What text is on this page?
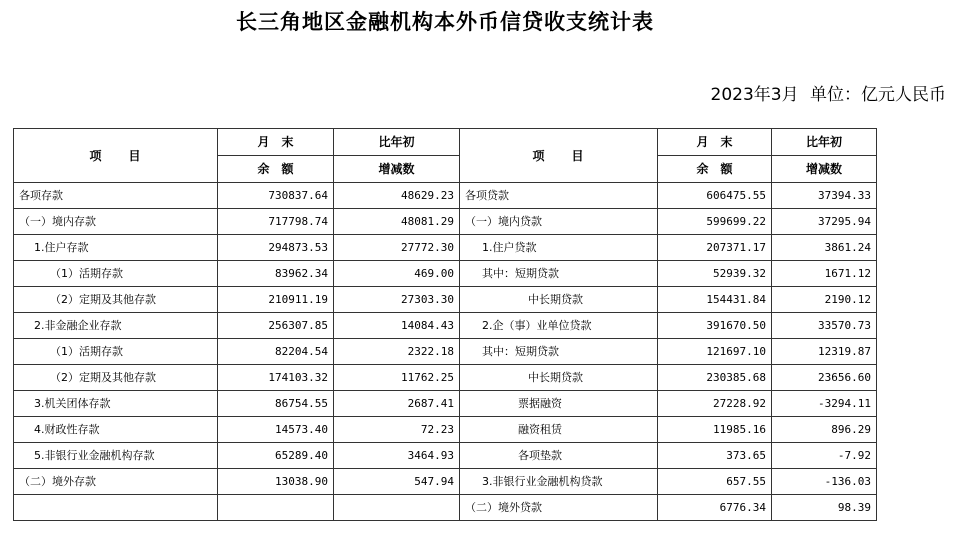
长三角地区金融机构本外币信贷收支统计表
2023年3月 单位：亿元人民币
项　　目	月　末	比年初	项　　目	月　末	比年初
	余　额	增减数		余　额	增减数
各项存款	730837.64	48629.23	各项贷款	606475.55	37394.33
（一）境内存款	717798.74	48081.29	（一）境内贷款	599699.22	37295.94
1.住户存款	294873.53	27772.30	1.住户贷款	207371.17	3861.24
（1）活期存款	83962.34	469.00	其中：短期贷款	52939.32	1671.12
（2）定期及其他存款	210911.19	27303.30	中长期贷款	154431.84	2190.12
2.非金融企业存款	256307.85	14084.43	2.企（事）业单位贷款	391670.50	33570.73
（1）活期存款	82204.54	2322.18	其中：短期贷款	121697.10	12319.87
（2）定期及其他存款	174103.32	11762.25	中长期贷款	230385.68	23656.60
3.机关团体存款	86754.55	2687.41	票据融资	27228.92	-3294.11
4.财政性存款	14573.40	72.23	融资租赁	11985.16	896.29
5.非银行业金融机构存款	65289.40	3464.93	各项垫款	373.65	-7.92
（二）境外存款	13038.90	547.94	3.非银行业金融机构贷款	657.55	-136.03
			（二）境外贷款	6776.34	98.39
